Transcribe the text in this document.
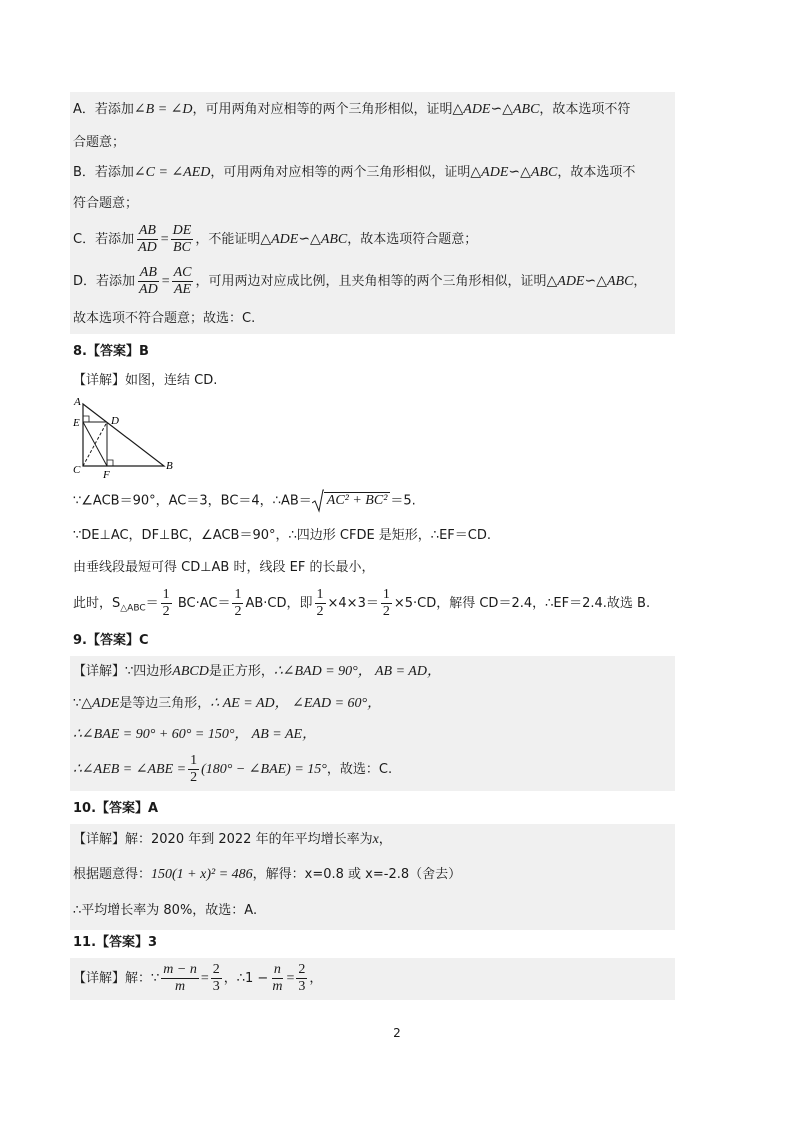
A．若添加∠B = ∠D，可用两角对应相等的两个三角形相似，证明△ADE∽△ABC，故本选项不符
合题意；
B．若添加∠C = ∠AED，可用两角对应相等的两个三角形相似，证明△ADE∽△ABC，故本选项不
符合题意；
C．若添加 $\frac{AB}{AD} = \frac{DE}{BC}$ ，不能证明△ADE∽△ABC，故本选项符合题意；
D．若添加 $\frac{AB}{AD} = \frac{AC}{AE}$ ，可用两边对应成比例，且夹角相等的两个三角形相似，证明△ADE∽△ABC，
故本选项不符合题意；故选：C.
8.【答案】B
【详解】如图，连结 CD.
A
E	D
C F
B
∵∠ACB＝90°，AC＝3，BC＝4，∴AB＝ AC² + BC² ＝5.
∵DE⊥AC，DF⊥BC，∠ACB＝90°，∴四边形 CFDE 是矩形，∴EF＝CD.
由垂线段最短可得 CD⊥AB 时，线段 EF 的长最小，
此时，$S_{\triangle ABC}= \frac{1}{2} BC\cdot AC= \frac{1}{2} AB\cdot CD$，即 $\frac{1}{2} \times 4\times 3= \frac{1}{2} \times 5\cdot CD$，解得 CD＝2.4，∴EF＝2.4.故选 B.
9.【答案】C
【详解】∵四边形ABCD是正方形，∴∠BAD = 90°， AB = AD，
∵△ADE是等边三角形，∴ AE = AD， ∠EAD = 60°，
∴∠BAE = 90° + 60° = 150°， AB = AE，
∴∠AEB = ∠ABE = $\frac{1}{2} (180^\circ$ − ∠BAE) = 15°，故选：C.
10.【答案】A
【详解】解：2020 年到 2022 年的年平均增长率为x，
根据题意得：150(1 + x)² = 486，解得：x=0.8 或 x=-2.8（舍去）
∴平均增长率为 80%，故选：A.
11.【答案】3
【详解】解：∵ $\frac{m - n}{m} = \frac{2}{3}$ ，∴1 − $\frac{n}{m} = \frac{2}{3}$ ，
2
